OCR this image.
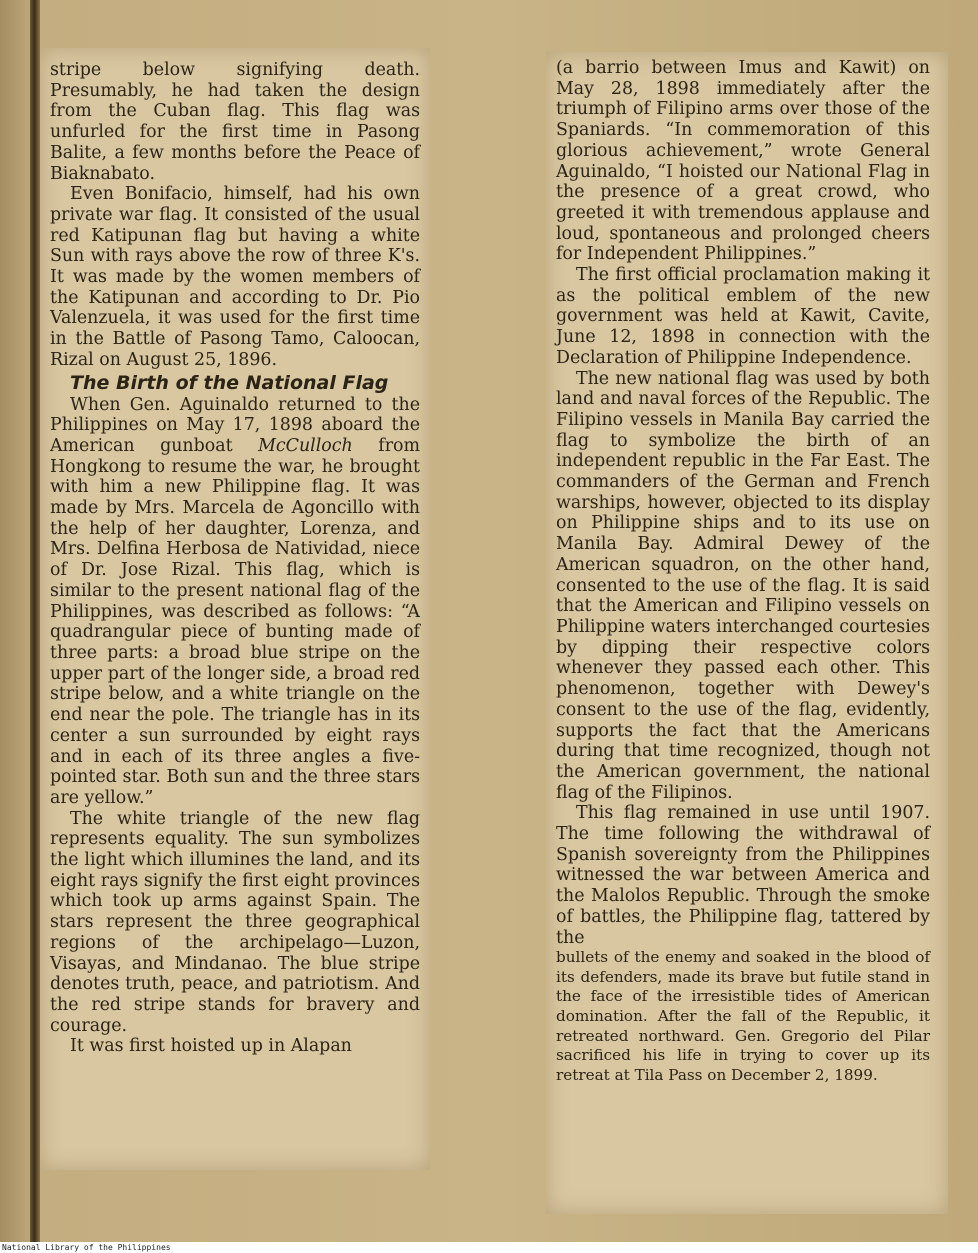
stripe below signifying death. Presumably, he had taken the design from the Cuban flag. This flag was unfurled for the first time in Pasong Balite, a few months before the Peace of Biaknabato.

Even Bonifacio, himself, had his own private war flag. It consisted of the usual red Katipunan flag but having a white Sun with rays above the row of three K's. It was made by the women members of the Katipunan and according to Dr. Pio Valenzuela, it was used for the first time in the Battle of Pasong Tamo, Caloocan, Rizal on August 25, 1896.

The Birth of the National Flag

When Gen. Aguinaldo returned to the Philippines on May 17, 1898 aboard the American gunboat McCulloch from Hongkong to resume the war, he brought with him a new Philippine flag. It was made by Mrs. Marcela de Agoncillo with the help of her daughter, Lorenza, and Mrs. Delfina Herbosa de Natividad, niece of Dr. Jose Rizal. This flag, which is similar to the present national flag of the Philippines, was described as follows: “A quadrangular piece of bunting made of three parts: a broad blue stripe on the upper part of the longer side, a broad red stripe below, and a white triangle on the end near the pole. The triangle has in its center a sun surrounded by eight rays and in each of its three angles a five-pointed star. Both sun and the three stars are yellow.”

The white triangle of the new flag represents equality. The sun symbolizes the light which illumines the land, and its eight rays signify the first eight provinces which took up arms against Spain. The stars represent the three geographical regions of the archipelago—Luzon, Visayas, and Mindanao. The blue stripe denotes truth, peace, and patriotism. And the red stripe stands for bravery and courage.

It was first hoisted up in Alapan

(a barrio between Imus and Kawit) on May 28, 1898 immediately after the triumph of Filipino arms over those of the Spaniards. “In commemoration of this glorious achievement,” wrote General Aguinaldo, “I hoisted our National Flag in the presence of a great crowd, who greeted it with tremendous applause and loud, spontaneous and prolonged cheers for Independent Philippines.”

The first official proclamation making it as the political emblem of the new government was held at Kawit, Cavite, June 12, 1898 in connection with the Declaration of Philippine Independence.

The new national flag was used by both land and naval forces of the Republic. The Filipino vessels in Manila Bay carried the flag to symbolize the birth of an independent republic in the Far East. The commanders of the German and French warships, however, objected to its display on Philippine ships and to its use on Manila Bay. Admiral Dewey of the American squadron, on the other hand, consented to the use of the flag. It is said that the American and Filipino vessels on Philippine waters interchanged courtesies by dipping their respective colors whenever they passed each other. This phenomenon, together with Dewey's consent to the use of the flag, evidently, supports the fact that the Americans during that time recognized, though not the American government, the national flag of the Filipinos.

This flag remained in use until 1907. The time following the withdrawal of Spanish sovereignty from the Philippines witnessed the war between America and the Malolos Republic. Through the smoke of battles, the Philippine flag, tattered by the

bullets of the enemy and soaked in the blood of its defenders, made its brave but futile stand in the face of the irresistible tides of American domination. After the fall of the Republic, it retreated northward. Gen. Gregorio del Pilar sacrificed his life in trying to cover up its retreat at Tila Pass on December 2, 1899.

National Library of the Philippines
